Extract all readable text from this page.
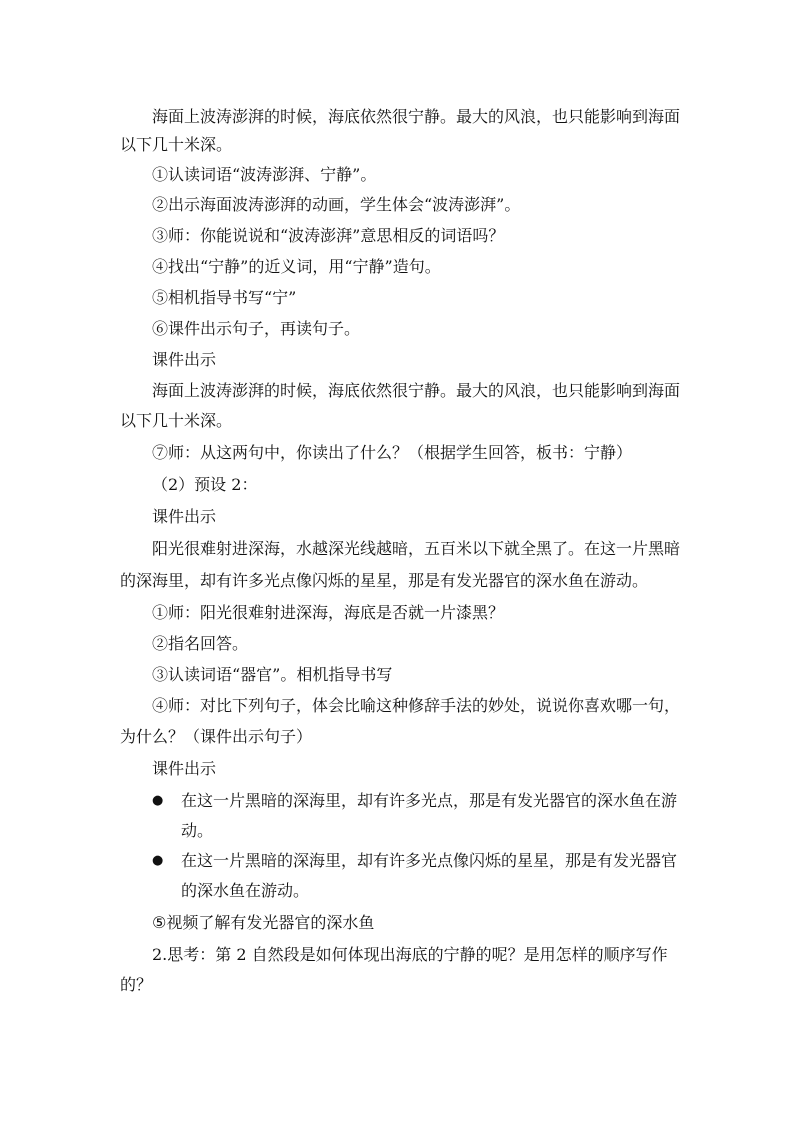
海面上波涛澎湃的时候，海底依然很宁静。最大的风浪，也只能影响到海面
以下几十米深。
①认读词语“波涛澎湃、宁静”。
②出示海面波涛澎湃的动画，学生体会“波涛澎湃”。
③师：你能说说和“波涛澎湃”意思相反的词语吗？
④找出“宁静”的近义词，用“宁静”造句。
⑤相机指导书写“宁”
⑥课件出示句子，再读句子。
课件出示
海面上波涛澎湃的时候，海底依然很宁静。最大的风浪，也只能影响到海面
以下几十米深。
⑦师：从这两句中，你读出了什么？（根据学生回答，板书：宁静）
（2）预设 2：
课件出示
阳光很难射进深海，水越深光线越暗，五百米以下就全黑了。在这一片黑暗
的深海里，却有许多光点像闪烁的星星，那是有发光器官的深水鱼在游动。
①师：阳光很难射进深海，海底是否就一片漆黑？
②指名回答。
③认读词语“器官”。相机指导书写
④师：对比下列句子，体会比喻这种修辞手法的妙处，说说你喜欢哪一句，
为什么？（课件出示句子）
课件出示
● 在这一片黑暗的深海里，却有许多光点，那是有发光器官的深水鱼在游
动。
● 在这一片黑暗的深海里，却有许多光点像闪烁的星星，那是有发光器官
的深水鱼在游动。
⑤视频了解有发光器官的深水鱼
2.思考：第 2 自然段是如何体现出海底的宁静的呢？是用怎样的顺序写作
的？
